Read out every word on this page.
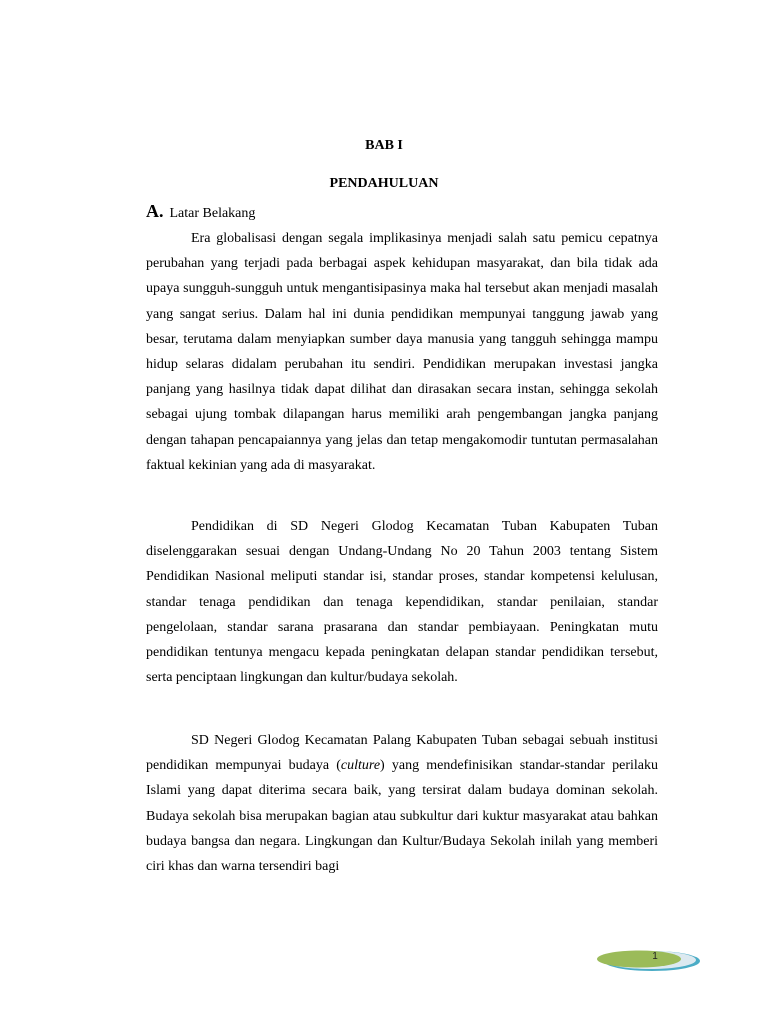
BAB I

PENDAHULUAN

A. Latar Belakang

Era globalisasi dengan segala implikasinya menjadi salah satu pemicu cepatnya perubahan yang terjadi pada berbagai aspek kehidupan masyarakat, dan bila tidak ada upaya sungguh-sungguh untuk mengantisipasinya maka hal tersebut akan menjadi masalah yang sangat serius. Dalam hal ini dunia pendidikan mempunyai tanggung jawab yang besar, terutama dalam menyiapkan sumber daya manusia yang tangguh sehingga mampu hidup selaras didalam perubahan itu sendiri. Pendidikan merupakan investasi jangka panjang yang hasilnya tidak dapat dilihat dan dirasakan secara instan, sehingga sekolah sebagai ujung tombak dilapangan harus memiliki arah pengembangan jangka panjang dengan tahapan pencapaiannya yang jelas dan tetap mengakomodir tuntutan permasalahan faktual kekinian yang ada di masyarakat.

Pendidikan di SD Negeri Glodog Kecamatan Tuban Kabupaten Tuban diselenggarakan sesuai dengan Undang-Undang No 20 Tahun 2003 tentang Sistem Pendidikan Nasional meliputi standar isi, standar proses, standar kompetensi kelulusan, standar tenaga pendidikan dan tenaga kependidikan, standar penilaian, standar pengelolaan, standar sarana prasarana dan standar pembiayaan. Peningkatan mutu pendidikan tentunya mengacu kepada peningkatan delapan standar pendidikan tersebut, serta penciptaan lingkungan dan kultur/budaya sekolah.

SD Negeri Glodog Kecamatan Palang Kabupaten Tuban sebagai sebuah institusi pendidikan mempunyai budaya (culture) yang mendefinisikan standar-standar perilaku Islami yang dapat diterima secara baik, yang tersirat dalam budaya dominan sekolah. Budaya sekolah bisa merupakan bagian atau subkultur dari kuktur masyarakat atau bahkan budaya bangsa dan negara. Lingkungan dan Kultur/Budaya Sekolah inilah yang memberi ciri khas dan warna tersendiri bagi

1
